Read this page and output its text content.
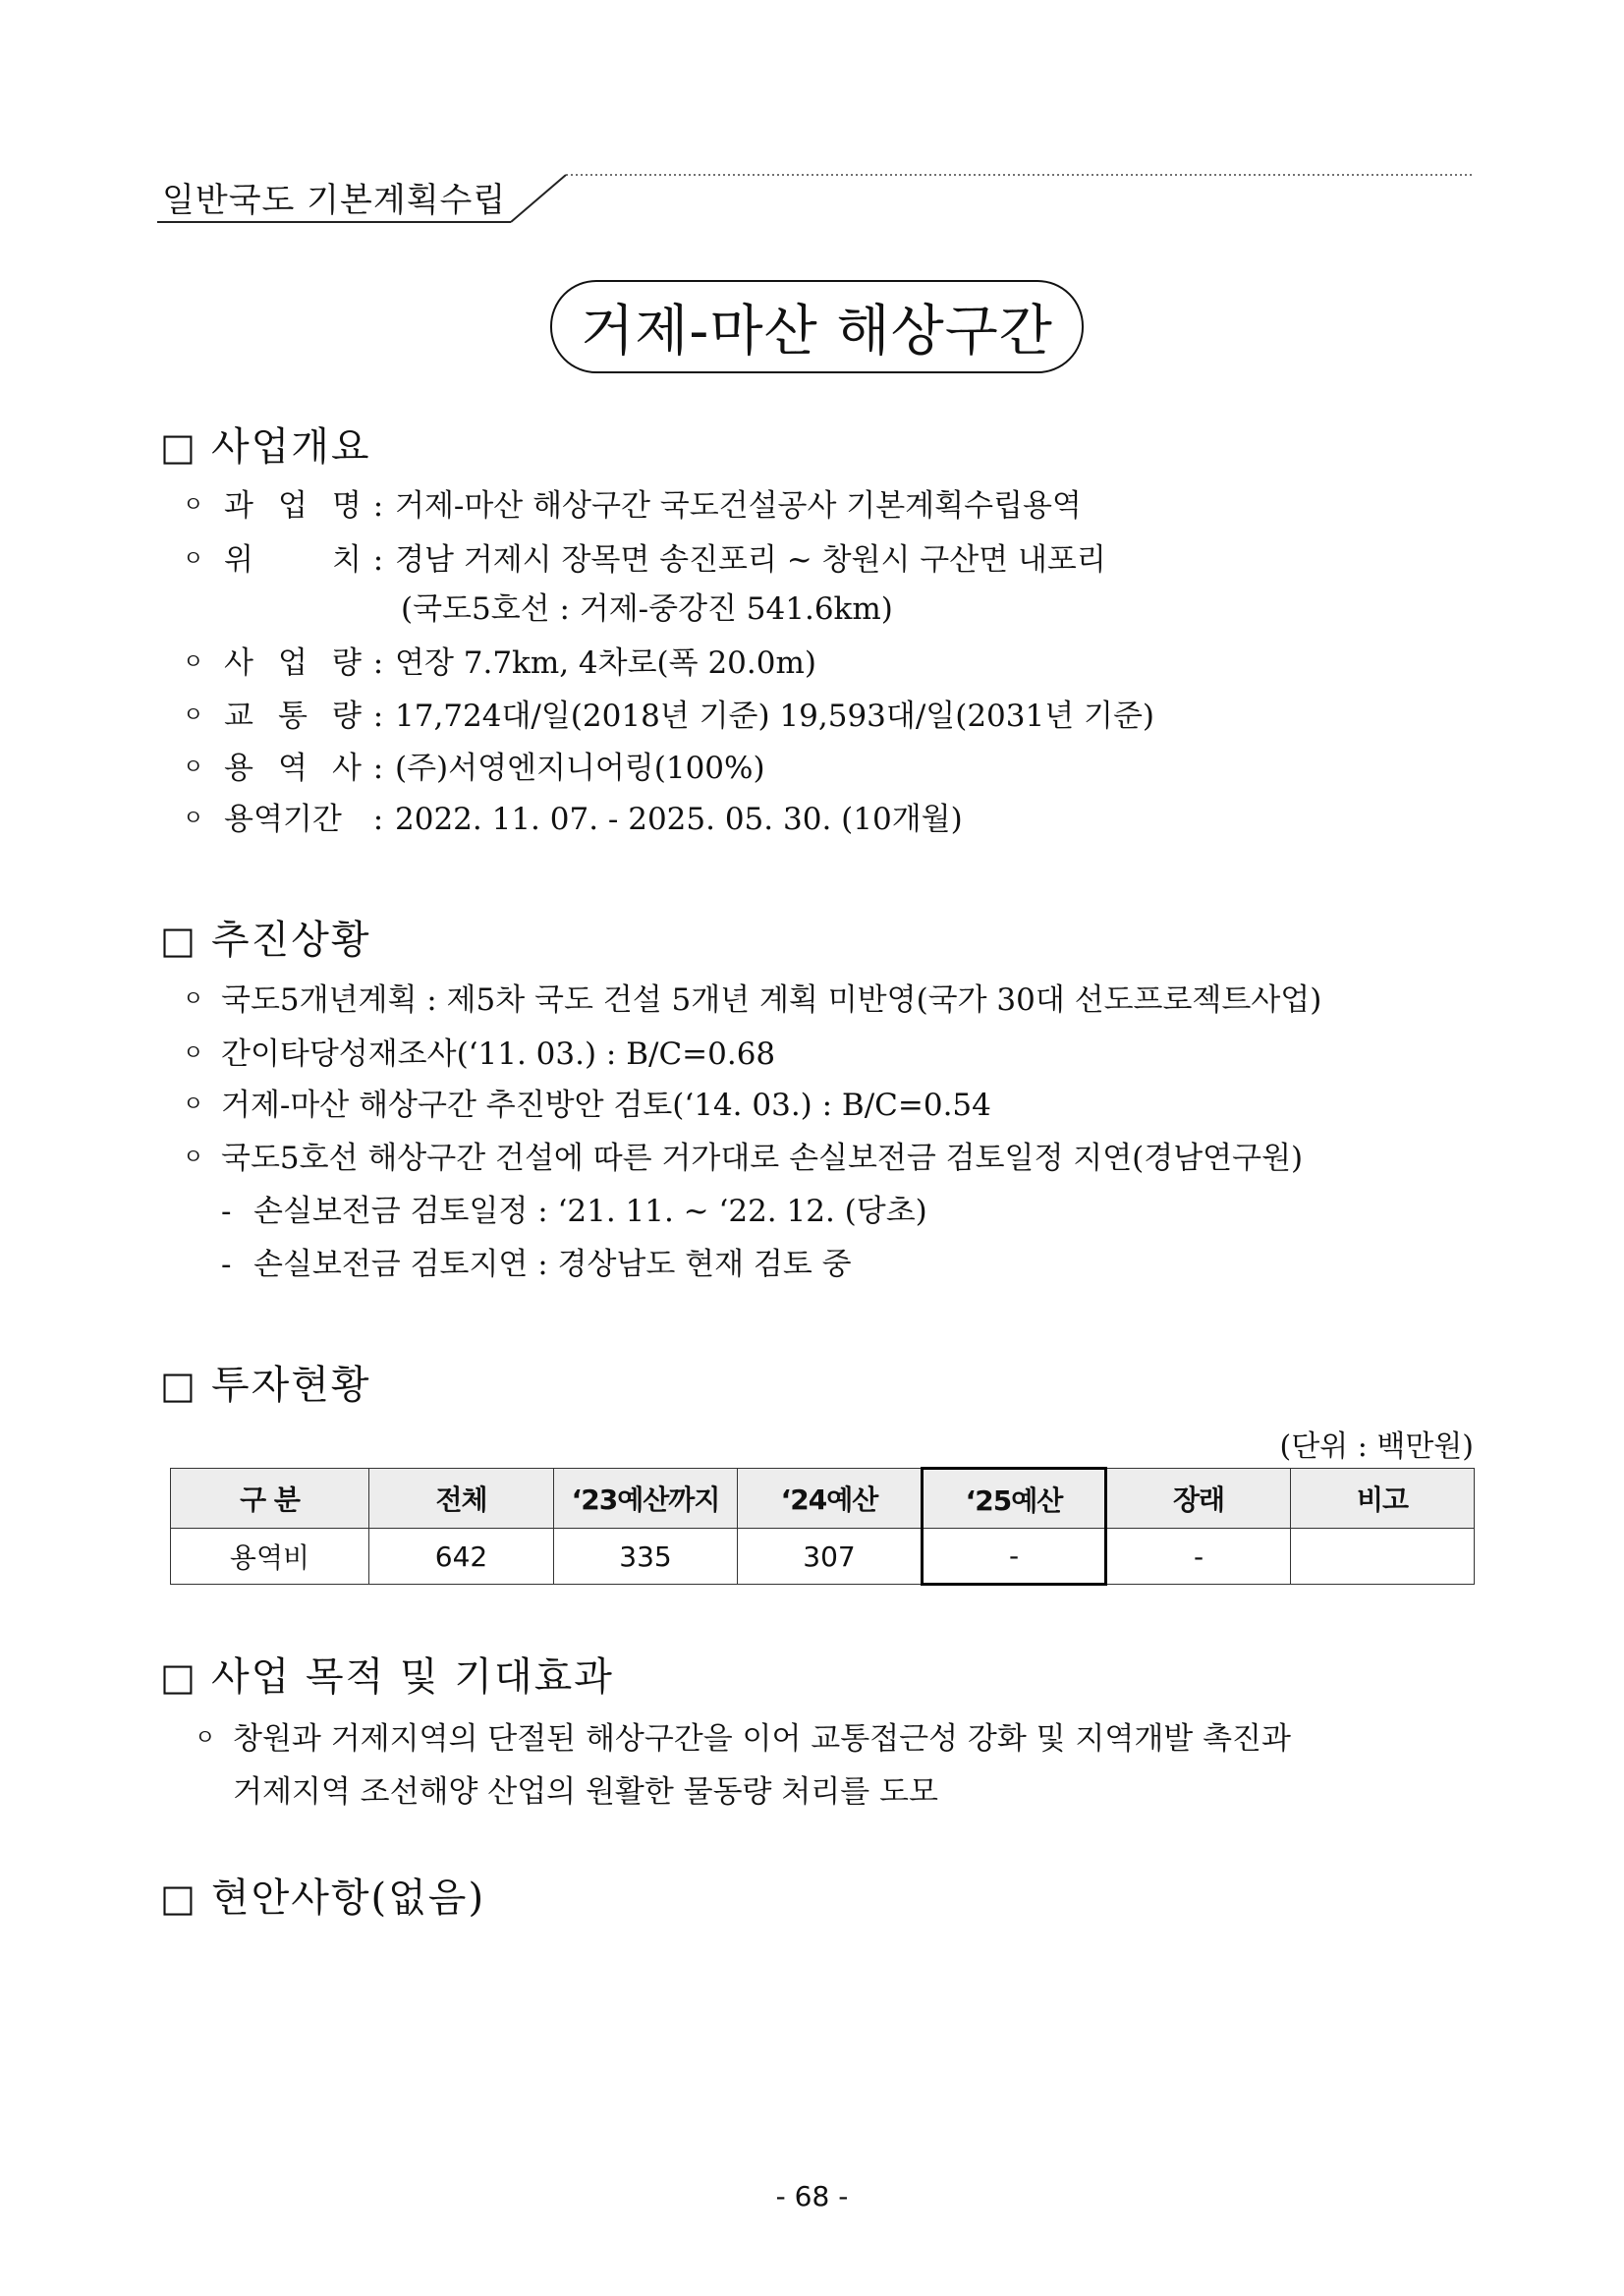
일반국도 기본계획수립
거제-마산 해상구간
□ 사업개요
ㅇ 과 업 명 : 거제-마산 해상구간 국도건설공사 기본계획수립용역
ㅇ 위 치 : 경남 거제시 장목면 송진포리 ~ 창원시 구산면 내포리
(국도5호선 : 거제-중강진 541.6km)
ㅇ 사 업 량 : 연장 7.7km, 4차로(폭 20.0m)
ㅇ 교 통 량 : 17,724대/일(2018년 기준) 19,593대/일(2031년 기준)
ㅇ 용 역 사 : (주)서영엔지니어링(100%)
ㅇ 용역기간	: 2022. 11. 07. - 2025. 05. 30. (10개월)
□ 추진상황
ㅇ 국도5개년계획 : 제5차 국도 건설 5개년 계획 미반영(국가 30대 선도프로젝트사업)
ㅇ 간이타당성재조사(‘11. 03.) : B/C=0.68
ㅇ 거제-마산 해상구간 추진방안 검토(‘14. 03.) : B/C=0.54
ㅇ 국도5호선 해상구간 건설에 따른 거가대로 손실보전금 검토일정 지연(경남연구원)
- 손실보전금 검토일정 : ‘21. 11. ~ ‘22. 12. (당초)
- 손실보전금 검토지연 : 경상남도 현재 검토 중
□ 투자현황
(단위 : 백만원)
구 분	전체	‘23예산까지	‘24예산	‘25예산	장래	비고
용역비	642	335	307	-	-	
□ 사업 목적 및 기대효과
ㅇ 창원과 거제지역의 단절된 해상구간을 이어 교통접근성 강화 및 지역개발 촉진과
거제지역 조선해양 산업의 원활한 물동량 처리를 도모
□ 현안사항(없음)
- 68 -
